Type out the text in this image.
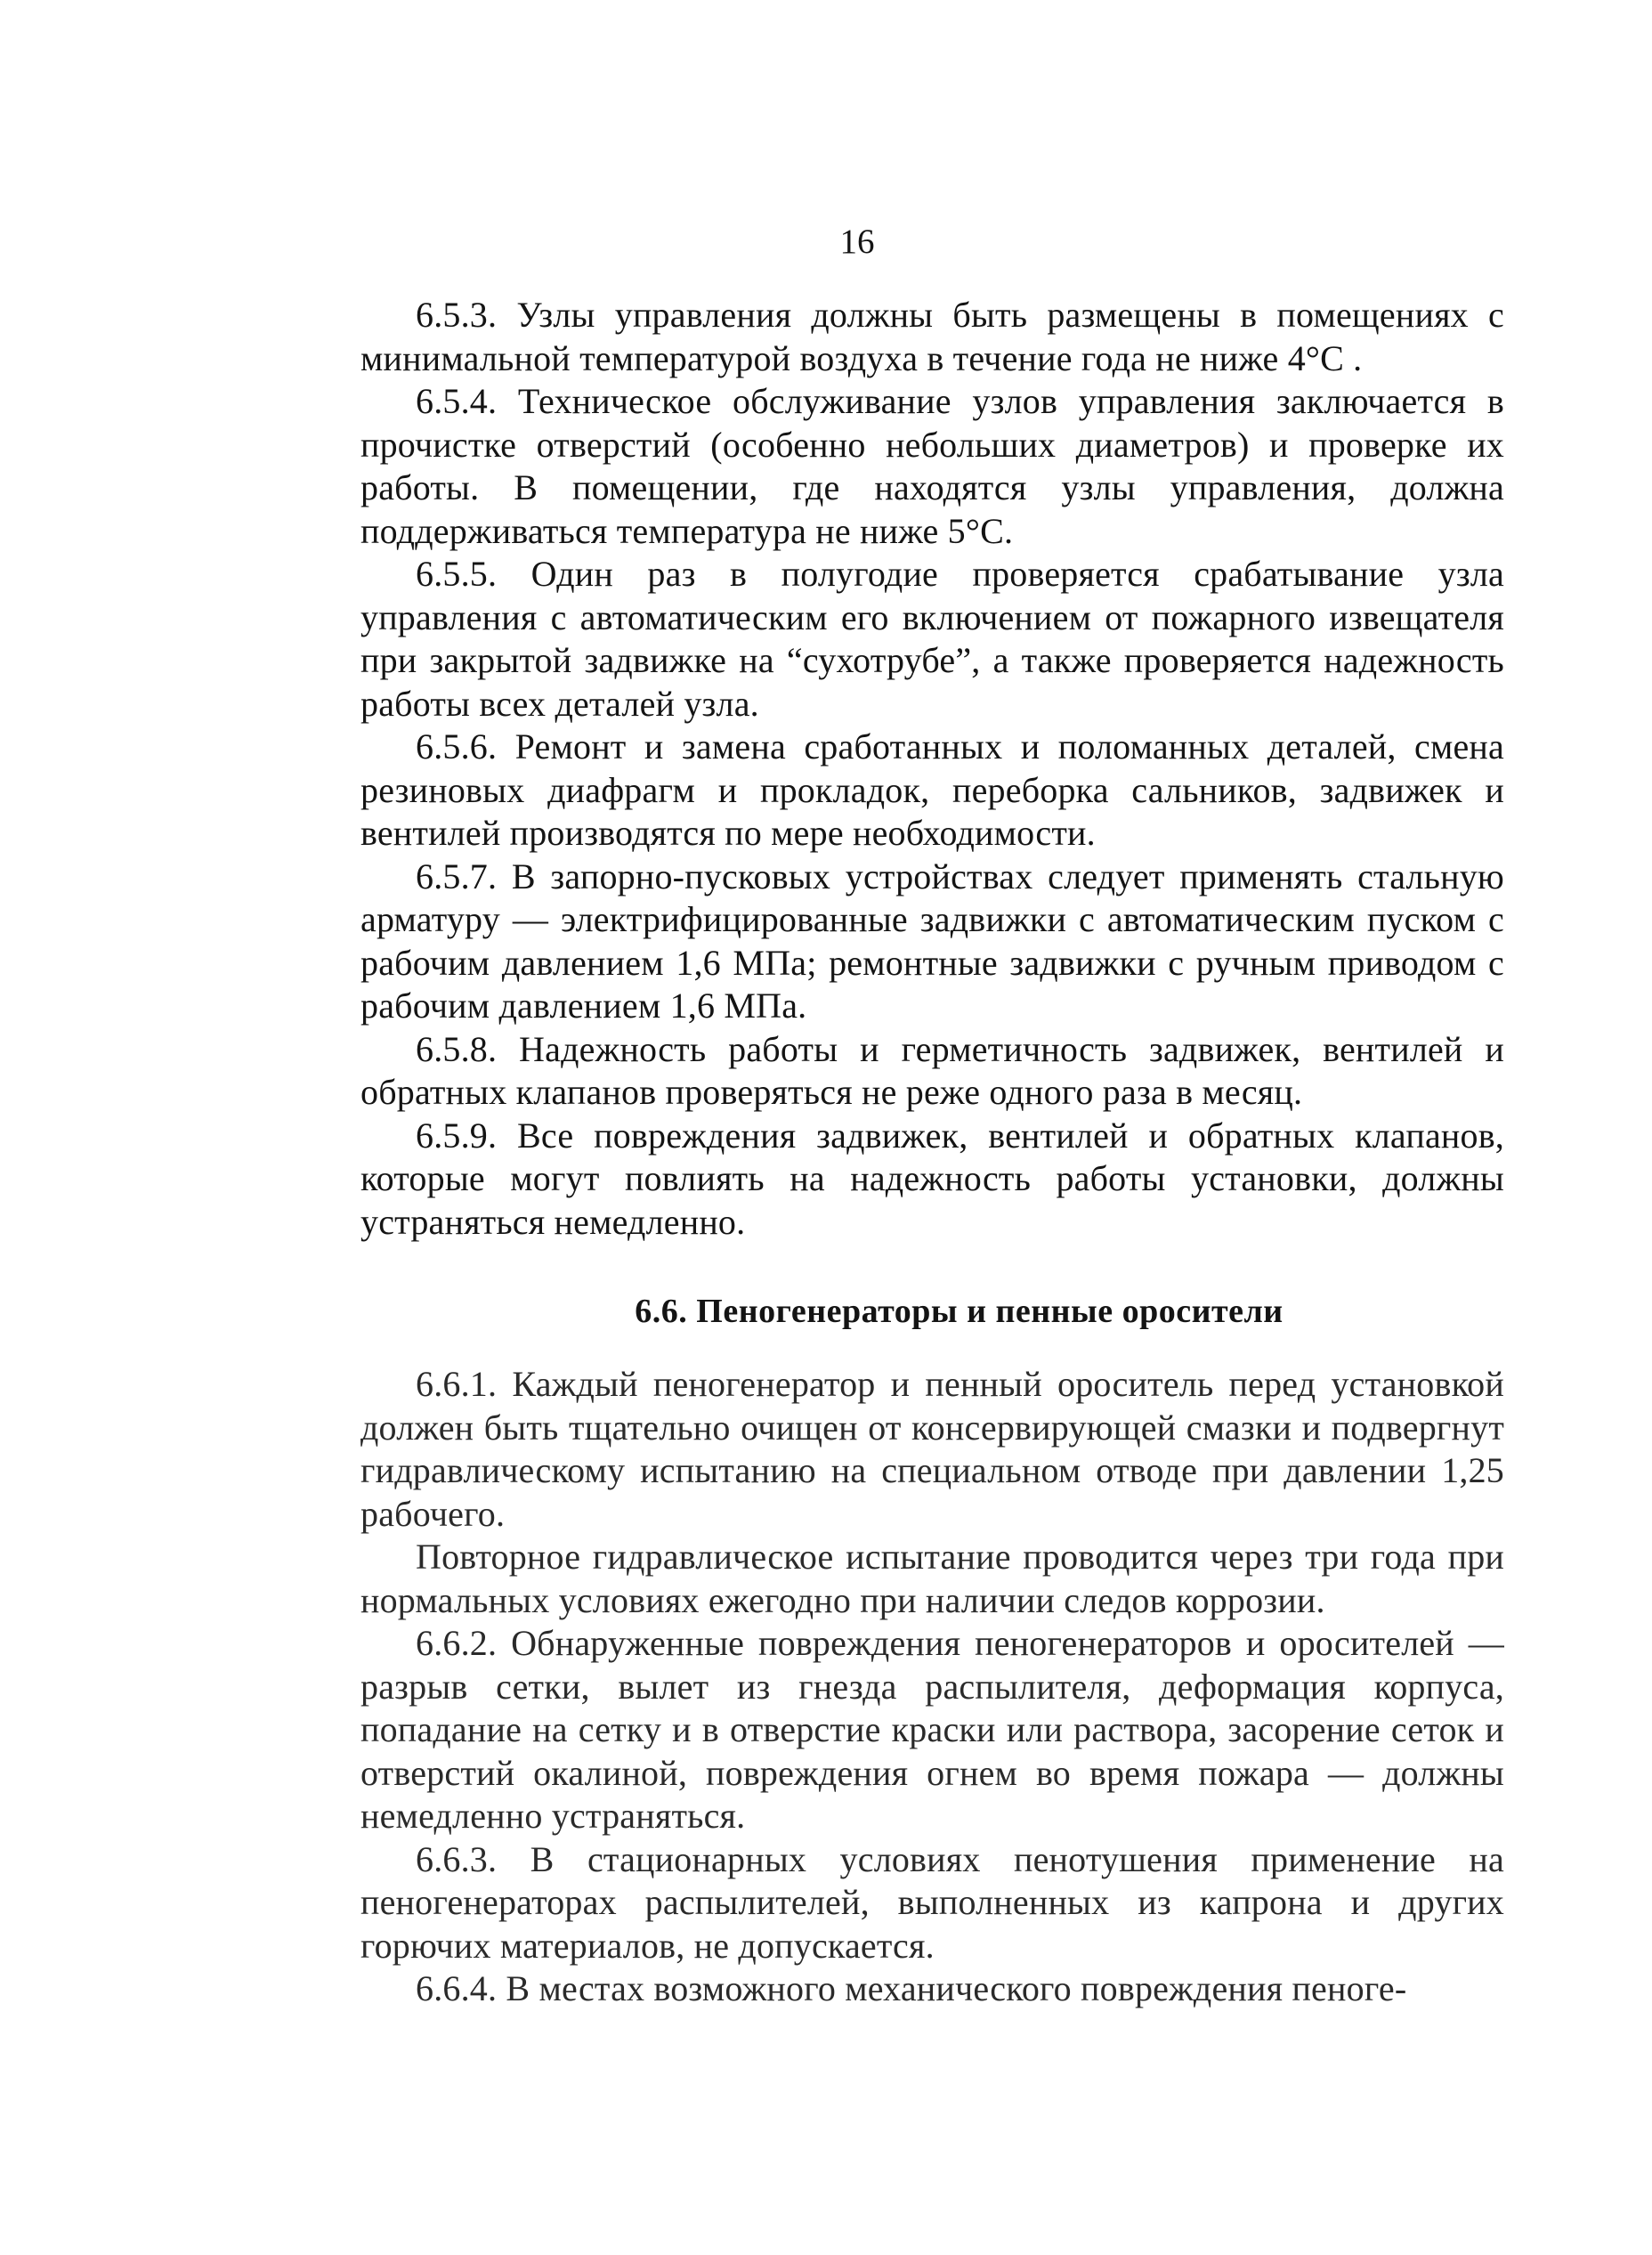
16

6.5.3. Узлы управления должны быть размещены в помещениях с минимальной температурой воздуха в течение года не ниже 4°С .

6.5.4. Техническое обслуживание узлов управления заключается в прочистке отверстий (особенно небольших диаметров) и проверке их работы. В помещении, где находятся узлы управления, должна поддерживаться температура не ниже 5°С.

6.5.5. Один раз в полугодие проверяется срабатывание узла управления с автоматическим его включением от пожарного извещателя при закрытой задвижке на “сухотрубе”, а также проверяется надежность работы всех деталей узла.

6.5.6. Ремонт и замена сработанных и поломанных деталей, смена резиновых диафрагм и прокладок, переборка сальников, задвижек и вентилей производятся по мере необходимости.

6.5.7. В запорно-пусковых устройствах следует применять стальную арматуру — электрифицированные задвижки с автоматическим пуском с рабочим давлением 1,6 МПа; ремонтные задвижки с ручным приводом с рабочим давлением 1,6 МПа.

6.5.8. Надежность работы и герметичность задвижек, вентилей и обратных клапанов проверяться не реже одного раза в месяц.

6.5.9. Все повреждения задвижек, вентилей и обратных клапанов, которые могут повлиять на надежность работы установки, должны устраняться немедленно.

6.6. Пеногенераторы и пенные оросители

6.6.1. Каждый пеногенератор и пенный ороситель перед установкой должен быть тщательно очищен от консервирующей смазки и подвергнут гидравлическому испытанию на специальном отводе при давлении 1,25 рабочего.

Повторное гидравлическое испытание проводится через три года при нормальных условиях ежегодно при наличии следов коррозии.

6.6.2. Обнаруженные повреждения пеногенераторов и оросителей — разрыв сетки, вылет из гнезда распылителя, деформация корпуса, попадание на сетку и в отверстие краски или раствора, засорение сеток и отверстий окалиной, повреждения огнем во время пожара — должны немедленно устраняться.

6.6.3. В стационарных условиях пенотушения применение на пеногенераторах распылителей, выполненных из капрона и других горючих материалов, не допускается.

6.6.4. В местах возможного механического повреждения пеноге-
